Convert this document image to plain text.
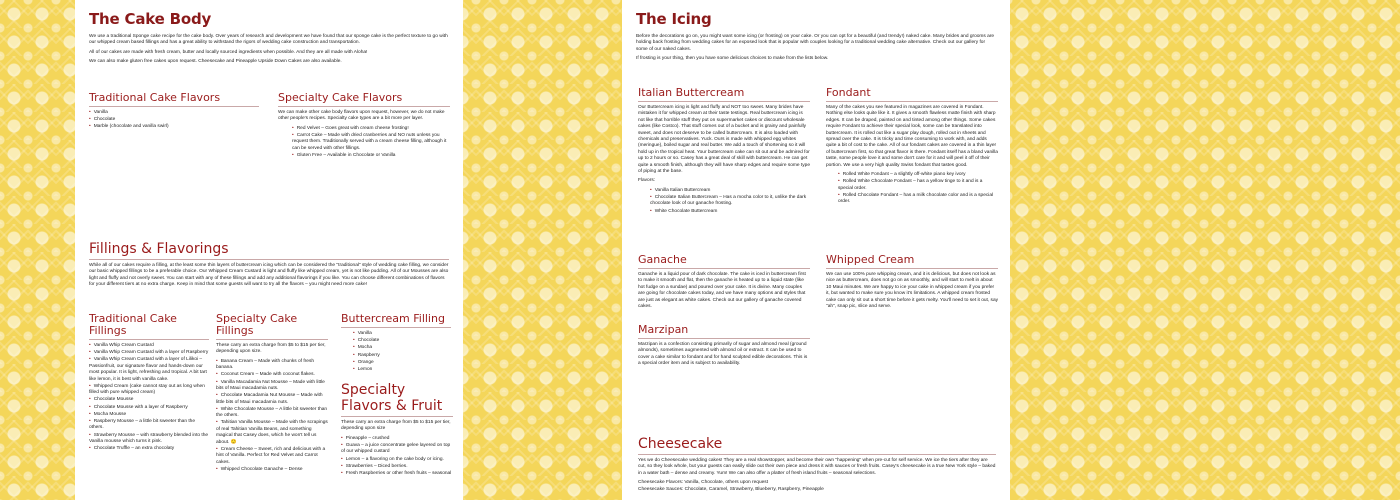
The Cake Body

We use a traditional Sponge cake recipe for the cake body. Over years of research and development we have found that our sponge cake is the perfect texture to go with our whipped cream based fillings and has a great ability to withstand the rigors of wedding cake construction and transportation.

All of our cakes are made with fresh cream, butter and locally sourced ingredients when possible. And they are all made with Aloha!

We can also make gluten free cakes upon request. Cheesecake and Pineapple Upside Down Cakes are also available.

Traditional Cake Flavors
• Vanilla
• Chocolate
• Marble (chocolate and vanilla swirl)
Specialty Cake Flavors

We can make other cake body flavors upon request, however, we do not make other people's recipes. Specialty cake types are a bit more per layer.

• Red Velvet – Goes great with cream cheese frosting!
• Carrot Cake – Made with dried cranberries and NO nuts unless you request them. Traditionally served with a cream cheese filling, although it can be served with other fillings.
• Gluten Free – Available in Chocolate or Vanilla
Fillings & Flavorings

While all of our cakes require a filling, at the least some thin layers of buttercream icing which can be considered the "traditional" style of wedding cake filling, we consider our basic whipped fillings to be a preferable choice. Our Whipped Cream Custard is light and fluffy like whipped cream, yet is not like pudding. All of our Mousses are also light and fluffy and not overly sweet. You can start with any of these fillings and add any additional flavorings if you like. You can choose different combinations of flavors for your different tiers at no extra charge. Keep in mind that some guests will want to try all the flavors – you might need more cake!

Traditional Cake Fillings
• Vanilla Whip Cream Custard
• Vanilla Whip Cream Custard with a layer of Raspberry
• Vanilla Whip Cream Custard with a layer of Lilikoi – Passionfruit, our signature flavor and hands-down our most popular. It is light, refreshing and tropical. A bit tart like lemon, it is best with vanilla cake.
• Whipped Cream (cake cannot stay out as long when filled with pure whipped cream)
• Chocolate Mousse
• Chocolate Mousse with a layer of Raspberry
• Mocha Mousse
• Raspberry Mousse – a little bit sweeter than the others.
• Strawberry Mousse – with strawberry blended into the Vanilla mousse which turns it pink.
• Chocolate Truffle – an extra chocolaty
Specialty Cake Fillings

These carry an extra charge from $5 to $15 per tier, depending upon size.

• Banana Cream – Made with chunks of fresh banana.
• Coconut Cream – Made with coconut flakes.
• Vanilla Macadamia Nut Mousse – Made with little bits of Maui macadamia nuts.
• Chocolate Macadamia Nut Mousse – Made with little bits of Maui macadamia nuts.
• White Chocolate Mousse – A little bit sweeter than the others.
• Tahitian Vanilla Mousse – Made with the scrapings of real Tahitian Vanilla Beans, and something magical that Casey does, which he won't tell us about. 🙂
• Cream Cheese – Sweet, rich and delicious with a hint of Vanilla. Perfect for Red Velvet and Carrot cakes.
• Whipped Chocolate Ganache – Dense
Buttercream Filling
• Vanilla
• Chocolate
• Mocha
• Raspberry
• Orange
• Lemon
Specialty Flavors & Fruit

These carry an extra charge from $5 to $15 per tier, depending upon size

• Pineapple – crushed
• Guava – a juice concentrate gelee layered on top of our whipped custard
• Lemon – a flavoring on the cake body or icing.
• Strawberries – Diced berries.
• Fresh Raspberries or other fresh fruits – seasonal
The Icing

Before the decorations go on, you might want some icing (or frosting) on your cake. Or you can opt for a beautiful (and trendy!) naked cake. Many brides and grooms are holding back frosting from wedding cakes for an exposed look that is popular with couples looking for a traditional wedding cake alternative. Check out our gallery for some of our naked cakes.

If frosting is your thing, then you have some delicious choices to make from the lists below.

Italian Buttercream

Our Buttercream icing is light and fluffy and NOT too sweet. Many brides have mistaken it for whipped cream at their taste testings. Real buttercream icing is not like that horrible stuff they put on supermarket cakes or discount wholesale cakes (like Costco). That stuff comes out of a bucket and is grainy and painfully sweet, and does not deserve to be called buttercream. It is also loaded with chemicals and preservatives. Yuck. Ours is made with whipped egg whites (meringue), boiled sugar and real butter. We add a touch of shortening so it will hold up in the tropical heat. Your buttercream cake can sit out and be admired for up to 2 hours or so. Casey has a great deal of skill with buttercream. He can get quite a smooth finish, although they will have sharp edges and require some type of piping at the base.

Flavors:

• Vanilla Italian Buttercream
• Chocolate Italian Buttercream – Has a mocha color to it, unlike the dark chocolate look of our ganache frosting.
• White Chocolate Buttercream
Fondant

Many of the cakes you see featured in magazines are covered in Fondant. Nothing else looks quite like it. It gives a smooth flawless matte finish with sharp edges. It can be draped, painted on and tinted among other things. Some cakes require Fondant to achieve their special look, some can be translated into buttercream. It is rolled out like a sugar play dough, rolled out in sheets and spread over the cake. It is tricky and time consuming to work with, and adds quite a bit of cost to the cake. All of our fondant cakes are covered in a thin layer of buttercream first, so that great flavor is there. Fondant itself has a bland vanilla taste, some people love it and some don't care for it and will peel it off of their portion. We use a very high quality Swiss fondant that tastes good.

• Rolled White Fondant – a slightly off-white piano key ivory
• Rolled White Chocolate Fondant – has a yellow tinge to it and is a special order.
• Rolled Chocolate Fondant – has a milk chocolate color and is a special order.
Ganache

Ganache is a liquid pour of dark chocolate. The cake is iced in buttercream first to make it smooth and flat, then the ganache is heated up to a liquid state (like hot fudge on a sundae) and poured over your cake. It is divine. Many couples are going for chocolate cakes today, and we have many options and styles that are just as elegant as white cakes. Check out our gallery of ganache covered cakes.

Whipped Cream

We can use 100% pure whipping cream, and it is delicious, but does not look as nice as buttercream, does not go on as smoothly, and will start to melt in about 10 Maui minutes. We are happy to ice your cake in whipped cream if you prefer it, but wanted to make sure you know it's limitations. A whipped cream frosted cake can only sit out a short time before it gets melty. You'll need to set it out, say "ah", snap pic, slice and serve.

Marzipan

Marzipan is a confection consisting primarily of sugar and almond meal (ground almonds), sometimes augmented with almond oil or extract. It can be used to cover a cake similar to fondant and for hand sculpted edible decorations. This is a special order item and is subject to availability.

Cheesecake

Yes we do Cheesecake wedding cakes! They are a real showstopper, and become their own "happening" when pre-cut for self service. We ice the tiers after they are cut, so they look whole, but your guests can easily slide out their own piece and dress it with sauces or fresh fruits. Casey's cheesecake is a true New York style – baked in a water bath – dense and creamy. Yum! We can also offer a platter of fresh island fruits – seasonal selections.

Cheesecake Flavors: Vanilla, Chocolate, others upon request

Cheesecake Sauces: Chocolate, Caramel, Strawberry, Blueberry, Raspberry, Pineapple
